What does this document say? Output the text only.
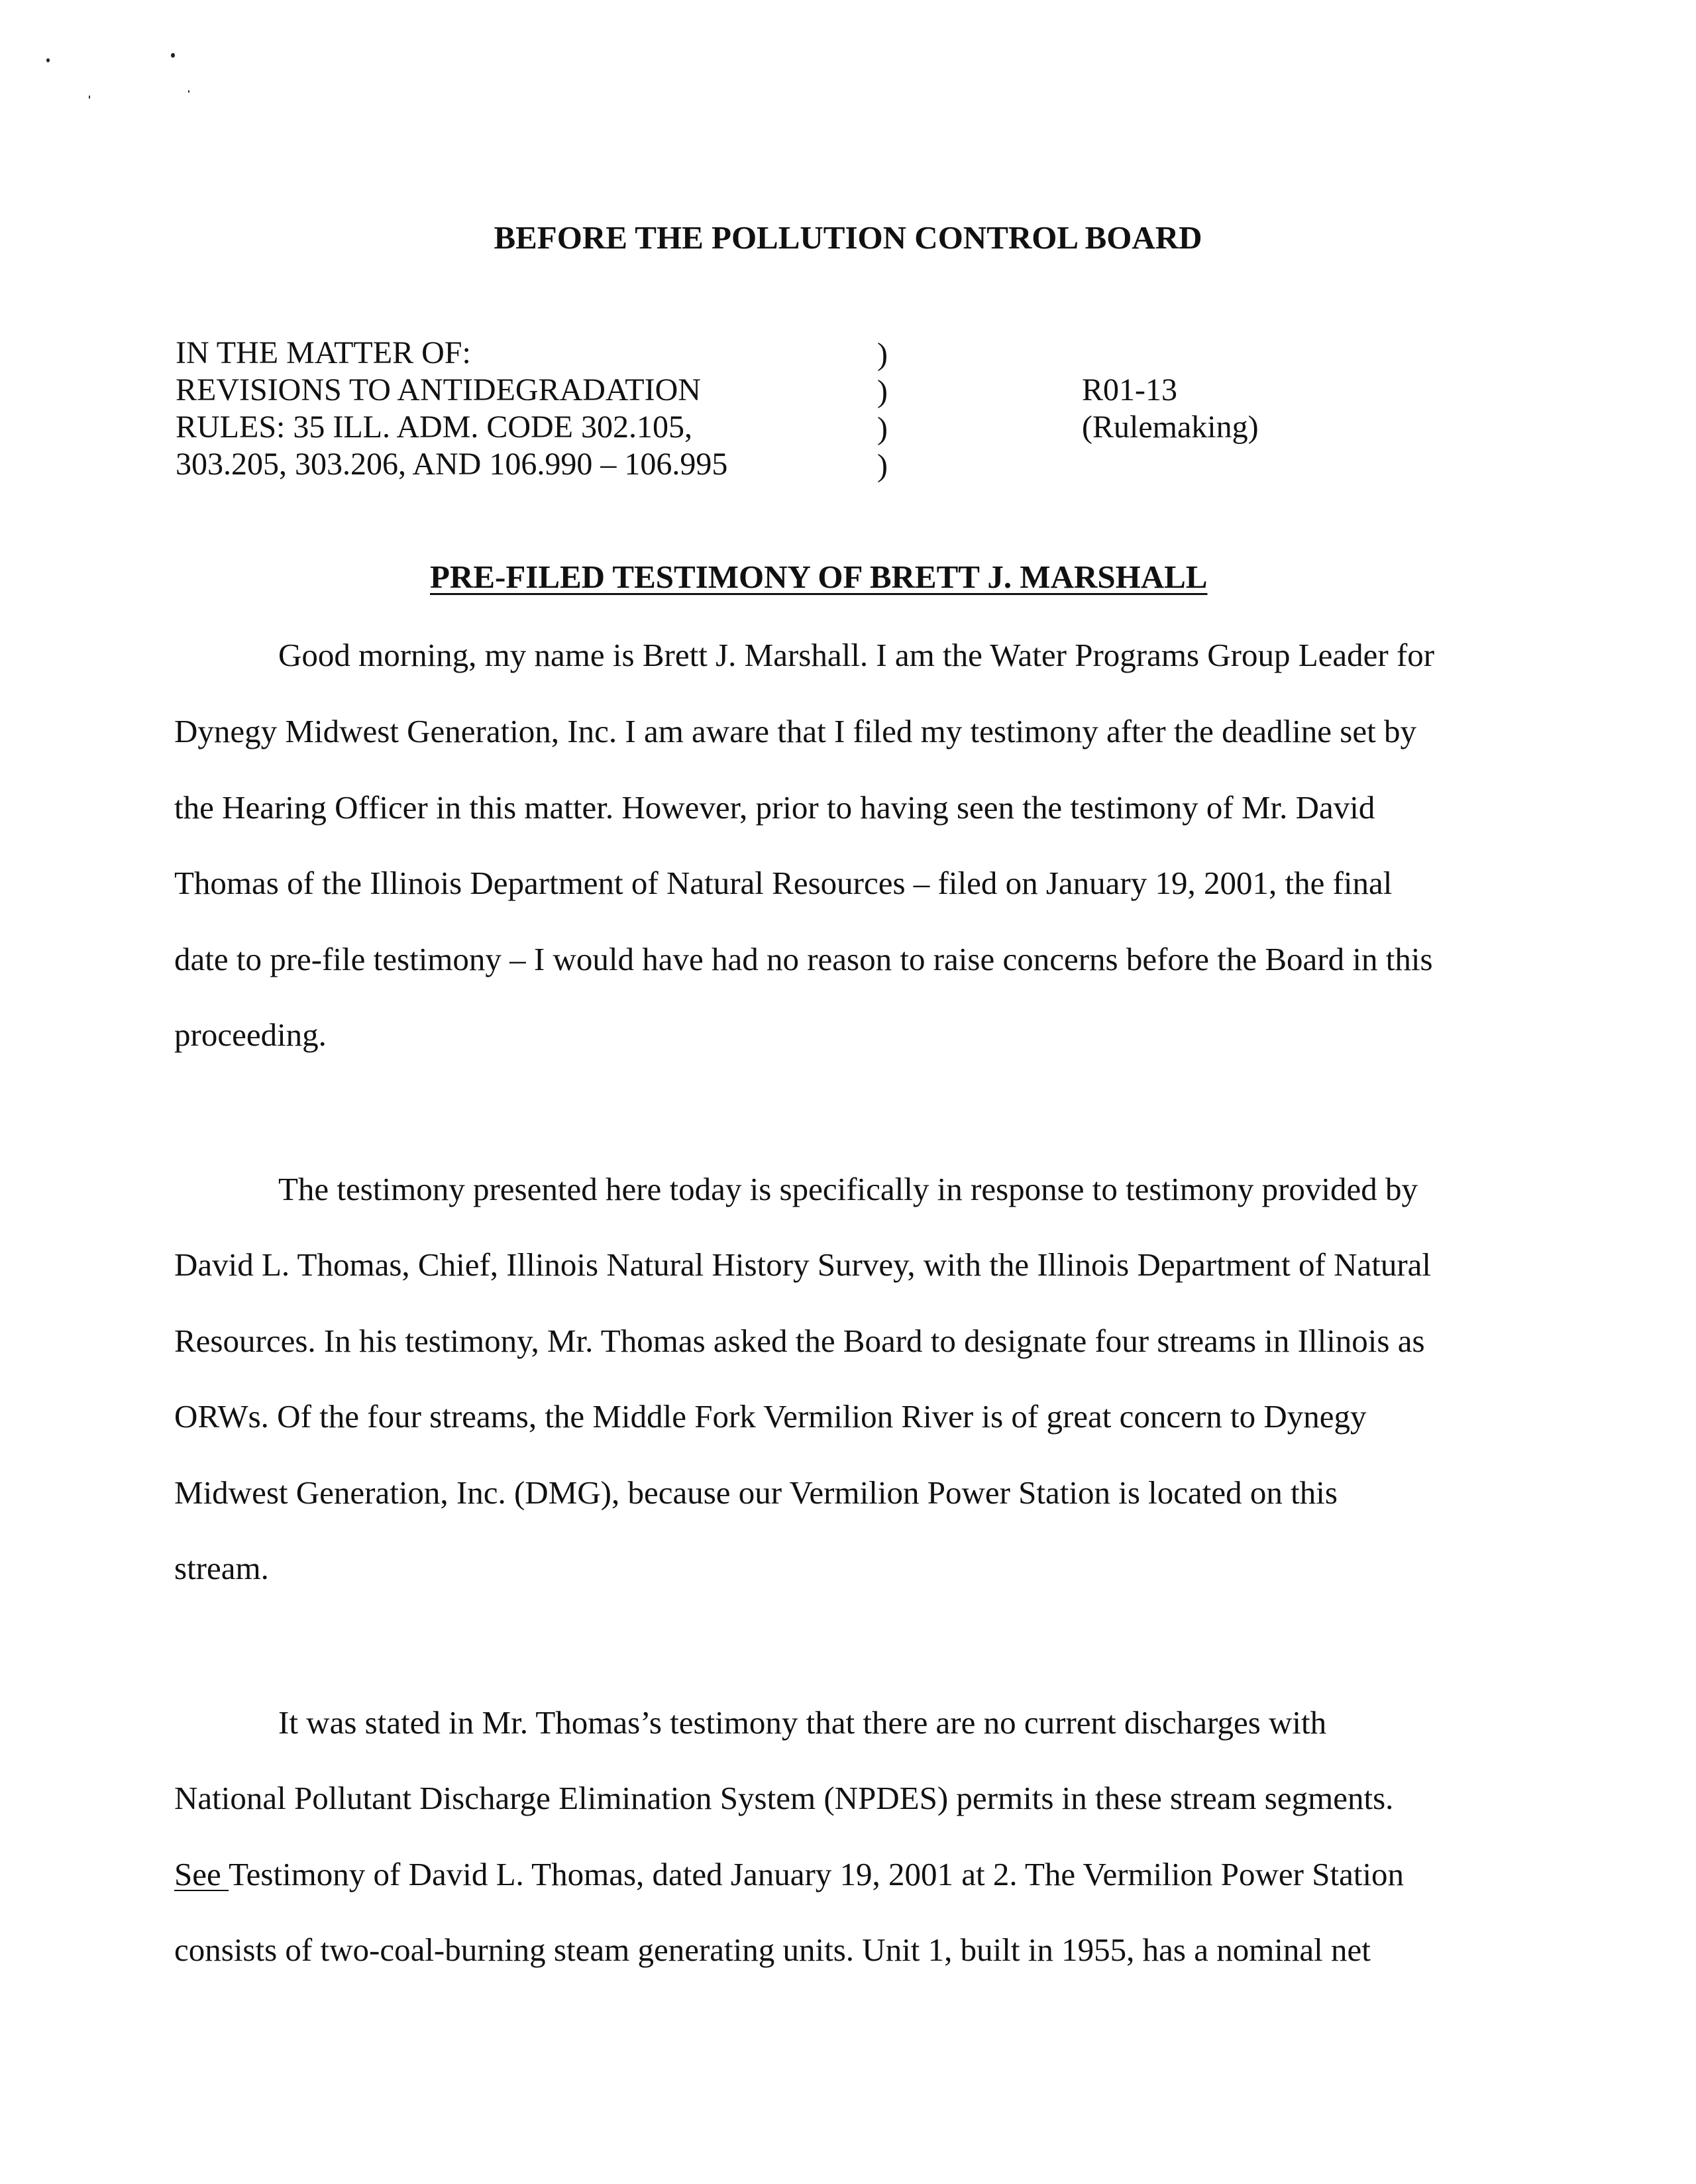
BEFORE THE POLLUTION CONTROL BOARD
IN THE MATTER OF:
REVISIONS TO ANTIDEGRADATION
RULES: 35 ILL. ADM. CODE 302.105,
303.205, 303.206, AND 106.990 – 106.995
)
)
)
)
R01-13
(Rulemaking)
PRE-FILED TESTIMONY OF BRETT J. MARSHALL
Good morning, my name is Brett J. Marshall. I am the Water Programs Group Leader for
Dynegy Midwest Generation, Inc. I am aware that I filed my testimony after the deadline set by
the Hearing Officer in this matter. However, prior to having seen the testimony of Mr. David
Thomas of the Illinois Department of Natural Resources – filed on January 19, 2001, the final
date to pre-file testimony – I would have had no reason to raise concerns before the Board in this
proceeding.
The testimony presented here today is specifically in response to testimony provided by
David L. Thomas, Chief, Illinois Natural History Survey, with the Illinois Department of Natural
Resources. In his testimony, Mr. Thomas asked the Board to designate four streams in Illinois as
ORWs. Of the four streams, the Middle Fork Vermilion River is of great concern to Dynegy
Midwest Generation, Inc. (DMG), because our Vermilion Power Station is located on this
stream.
It was stated in Mr. Thomas’s testimony that there are no current discharges with
National Pollutant Discharge Elimination System (NPDES) permits in these stream segments.
See Testimony of David L. Thomas, dated January 19, 2001 at 2. The Vermilion Power Station
consists of two-coal-burning steam generating units. Unit 1, built in 1955, has a nominal net
